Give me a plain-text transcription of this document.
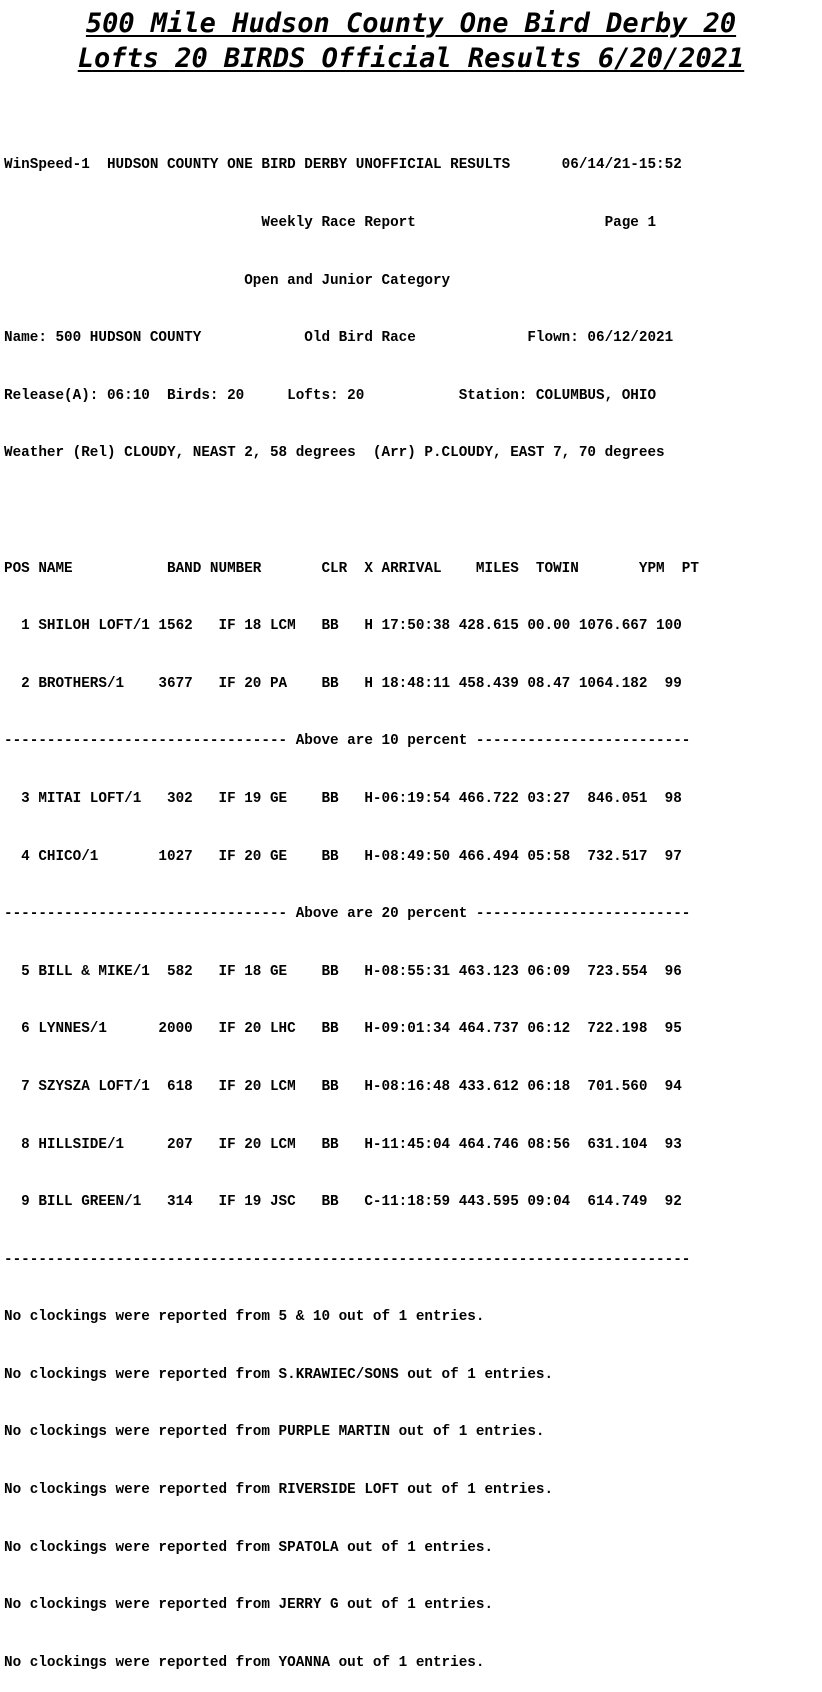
500 Mile Hudson County One Bird Derby 20
Lofts 20 BIRDS Official Results 6/20/2021

WinSpeed-1  HUDSON COUNTY ONE BIRD DERBY UNOFFICIAL RESULTS      06/14/21-15:52

Weekly Race Report                      Page 1

Open and Junior Category

Name: 500 HUDSON COUNTY            Old Bird Race             Flown: 06/12/2021

Release(A): 06:10  Birds: 20     Lofts: 20           Station: COLUMBUS, OHIO

Weather (Rel) CLOUDY, NEAST 2, 58 degrees  (Arr) P.CLOUDY, EAST 7, 70 degrees

POS NAME           BAND NUMBER       CLR  X ARRIVAL    MILES  TOWIN       YPM  PT

1 SHILOH LOFT/1 1562   IF 18 LCM   BB   H 17:50:38 428.615 00.00 1076.667 100

2 BROTHERS/1    3677   IF 20 PA    BB   H 18:48:11 458.439 08.47 1064.182  99

--------------------------------- Above are 10 percent -------------------------

3 MITAI LOFT/1   302   IF 19 GE    BB   H-06:19:54 466.722 03:27  846.051  98

4 CHICO/1       1027   IF 20 GE    BB   H-08:49:50 466.494 05:58  732.517  97

--------------------------------- Above are 20 percent -------------------------

5 BILL & MIKE/1  582   IF 18 GE    BB   H-08:55:31 463.123 06:09  723.554  96

6 LYNNES/1      2000   IF 20 LHC   BB   H-09:01:34 464.737 06:12  722.198  95

7 SZYSZA LOFT/1  618   IF 20 LCM   BB   H-08:16:48 433.612 06:18  701.560  94

8 HILLSIDE/1     207   IF 20 LCM   BB   H-11:45:04 464.746 08:56  631.104  93

9 BILL GREEN/1   314   IF 19 JSC   BB   C-11:18:59 443.595 09:04  614.749  92

--------------------------------------------------------------------------------

No clockings were reported from 5 & 10 out of 1 entries.

No clockings were reported from S.KRAWIEC/SONS out of 1 entries.

No clockings were reported from PURPLE MARTIN out of 1 entries.

No clockings were reported from RIVERSIDE LOFT out of 1 entries.

No clockings were reported from SPATOLA out of 1 entries.

No clockings were reported from JERRY G out of 1 entries.

No clockings were reported from YOANNA out of 1 entries.
